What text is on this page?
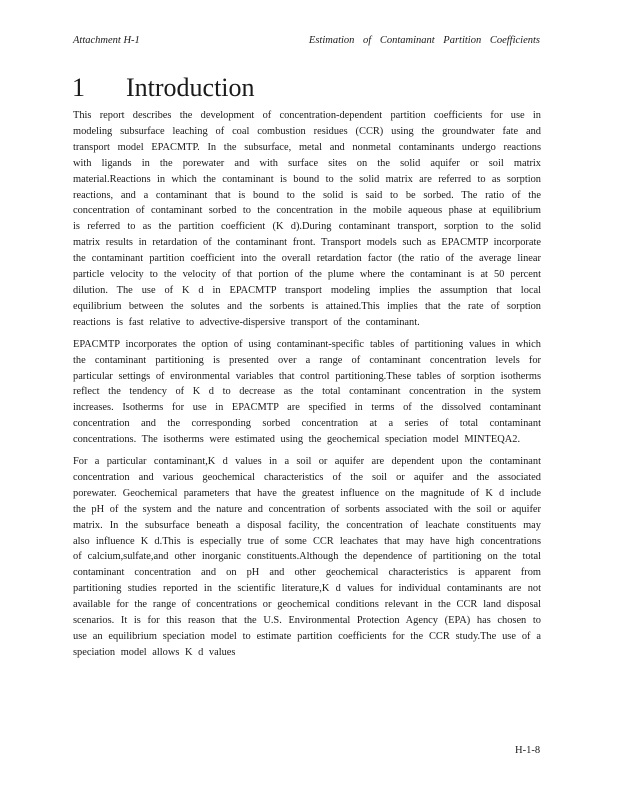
Attachment H-1	Estimation of Contaminant Partition Coefficients
1 Introduction

This report describes the development of concentration-dependent partition coefficients for use in modeling subsurface leaching of coal combustion residues (CCR) using the groundwater fate and transport model EPACMTP. In the subsurface, metal and nonmetal contaminants undergo reactions with ligands in the porewater and with surface sites on the solid aquifer or soil matrix material.Reactions in which the contaminant is bound to the solid matrix are referred to as sorption reactions, and a contaminant that is bound to the solid is said to be sorbed. The ratio of the concentration of contaminant sorbed to the concentration in the mobile aqueous phase at equilibrium is referred to as the partition coefficient (K d).During contaminant transport, sorption to the solid matrix results in retardation of the contaminant front. Transport models such as EPACMTP incorporate the contaminant partition coefficient into the overall retardation factor (the ratio of the average linear particle velocity to the velocity of that portion of the plume where the contaminant is at 50 percent dilution. The use of K d in EPACMTP transport modeling implies the assumption that local equilibrium between the solutes and the sorbents is attained.This implies that the rate of sorption reactions is fast relative to advective-dispersive transport of the contaminant.

EPACMTP incorporates the option of using contaminant-specific tables of partitioning values in which the contaminant partitioning is presented over a range of contaminant concentration levels for particular settings of environmental variables that control partitioning.These tables of sorption isotherms reflect the tendency of K d to decrease as the total contaminant concentration in the system increases. Isotherms for use in EPACMTP are specified in terms of the dissolved contaminant concentration and the corresponding sorbed concentration at a series of total contaminant concentrations. The isotherms were estimated using the geochemical speciation model MINTEQA2.

For a particular contaminant,K d values in a soil or aquifer are dependent upon the contaminant concentration and various geochemical characteristics of the soil or aquifer and the associated porewater. Geochemical parameters that have the greatest influence on the magnitude of K d include the pH of the system and the nature and concentration of sorbents associated with the soil or aquifer matrix. In the subsurface beneath a disposal facility, the concentration of leachate constituents may also influence K d.This is especially true of some CCR leachates that may have high concentrations of calcium,sulfate,and other inorganic constituents.Although the dependence of partitioning on the total contaminant concentration and on pH and other geochemical characteristics is apparent from partitioning studies reported in the scientific literature,K d values for individual contaminants are not available for the range of concentrations or geochemical conditions relevant in the CCR land disposal scenarios. It is for this reason that the U.S. Environmental Protection Agency (EPA) has chosen to use an equilibrium speciation model to estimate partition coefficients for the CCR study.The use of a speciation model allows K d values

H-1-8
